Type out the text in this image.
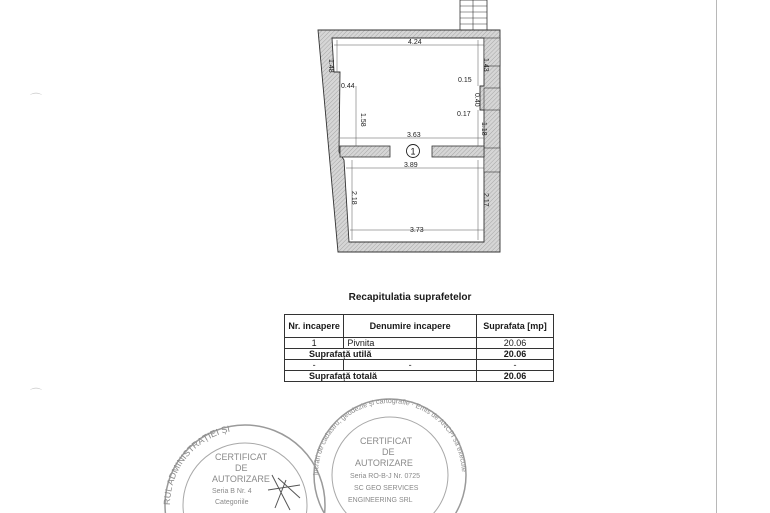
4.24
1.48
0.44
1.58
1.43
0.15
0.40
0.17
1.18
3.63
3.89
2.18	2.17
3.73
1
Recapitulatia suprafetelor
Nr. incapere	Denumire incapere	Suprafata [mp]
1	Pivnita	20.06
Suprafață utilă		20.06
-	-	-
Suprafață totală		20.06
RUL ADMINISTRAȚIEI ȘI
CERTIFICAT
DE
AUTORIZARE
Seria B Nr. 4
Categoriile
lucrări de cadastru, geodezie și cartografie · Emis de ANCPI să execute
CERTIFICAT
DE
AUTORIZARE
Seria RO-B-J Nr. 0725
SC GEO SERVICES
ENGINEERING SRL
⌒
⌒
